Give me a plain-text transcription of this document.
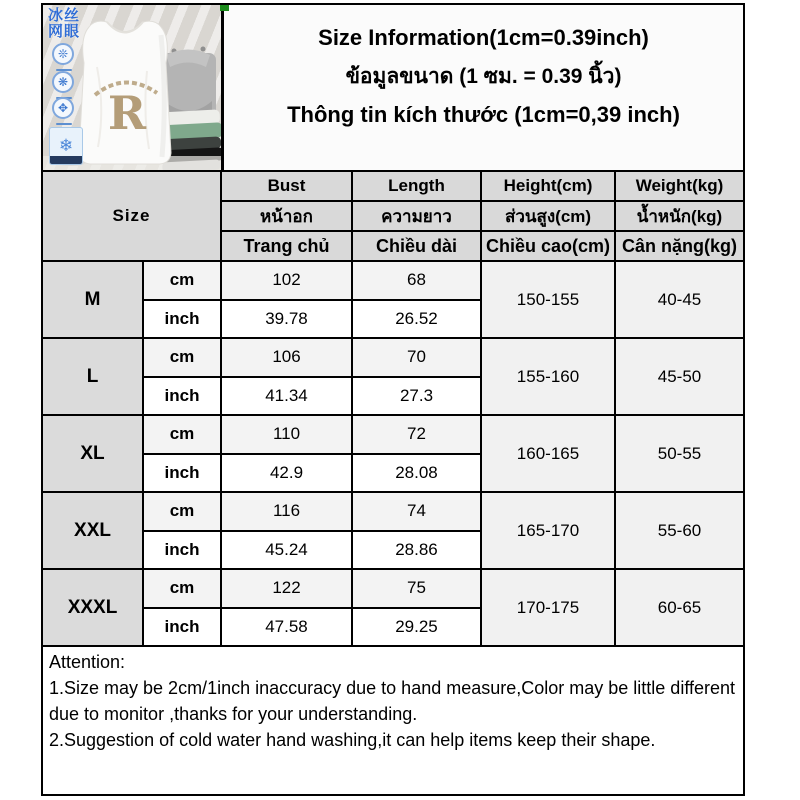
R
冰丝
网眼
❊
❋
✥
❄
Size Information(1cm=0.39inch)
ข้อมูลขนาด (1 ซม. = 0.39 นิ้ว)
Thông tin kích thước (1cm=0,39 inch)
Size		Bust	Length	Height(cm)	Weight(kg)
		หน้าอก	ความยาว	ส่วนสูง(cm)	น้ำหนัก(kg)
		Trang chủ	Chiều dài	Chiều cao(cm)	Cân nặng(kg)
M	cm	102	68	150-155	40-45
	inch	39.78	26.52		
L	cm	106	70	155-160	45-50
	inch	41.34	27.3		
XL	cm	110	72	160-165	50-55
	inch	42.9	28.08		
XXL	cm	116	74	165-170	55-60
	inch	45.24	28.86		
XXXL	cm	122	75	170-175	60-65
	inch	47.58	29.25		
Attention:
1.Size may be 2cm/1inch inaccuracy due to hand measure,Color may be little different due to monitor ,thanks for your understanding.
2.Suggestion of cold water hand washing,it can help items keep their shape.
